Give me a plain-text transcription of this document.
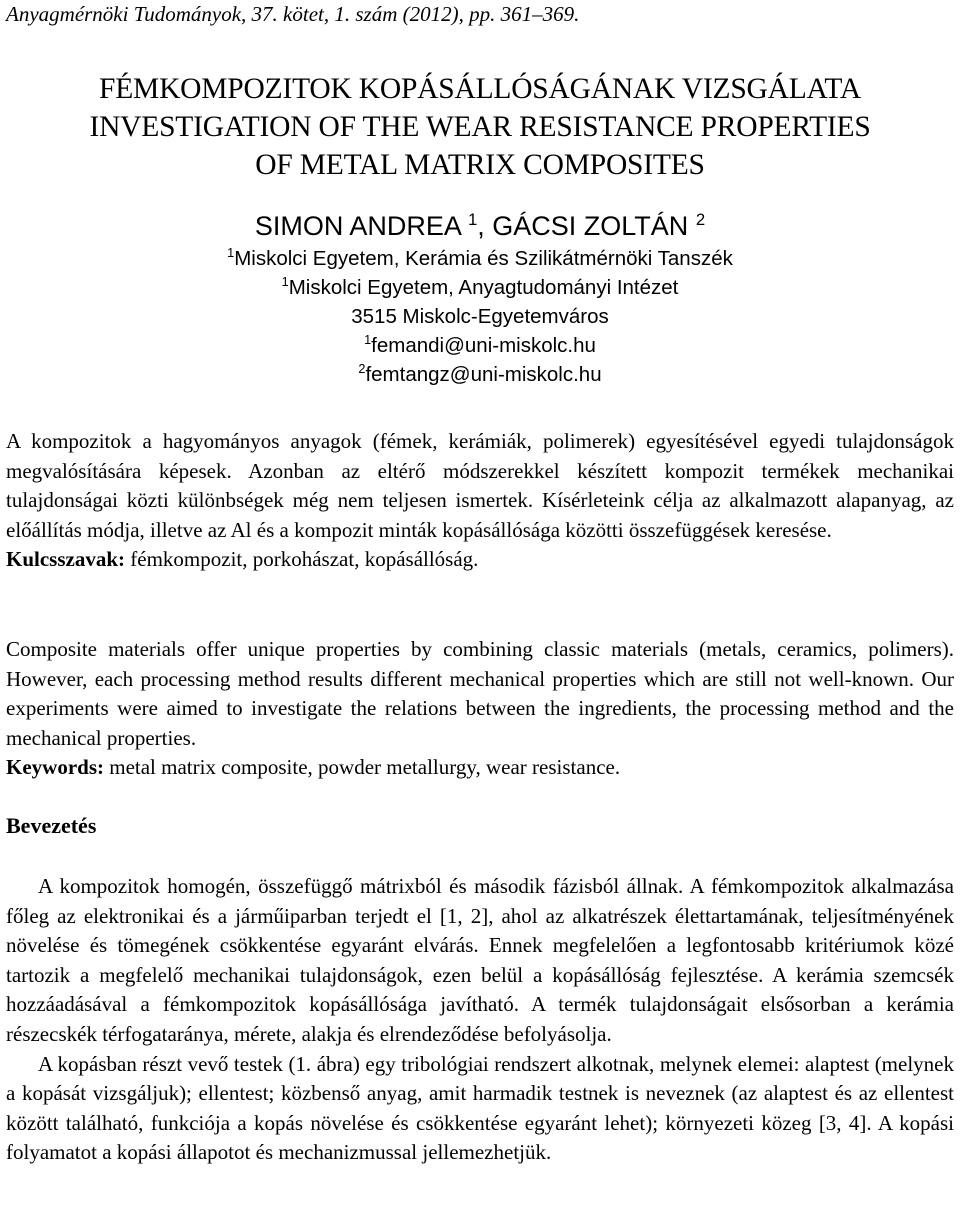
Anyagmérnöki Tudományok, 37. kötet, 1. szám (2012), pp. 361–369.
FÉMKOMPOZITOK KOPÁSÁLLÓSÁGÁNAK VIZSGÁLATA
INVESTIGATION OF THE WEAR RESISTANCE PROPERTIES
OF METAL MATRIX COMPOSITES
SIMON ANDREA $^1$, GÁCSI ZOLTÁN $^2$
$^1$Miskolci Egyetem, Kerámia és Szilikátmérnöki Tanszék
$^1$Miskolci Egyetem, Anyagtudományi Intézet
3515 Miskolc-Egyetemváros
$^1$femandi@uni-miskolc.hu
$^2$femtangz@uni-miskolc.hu

A kompozitok a hagyományos anyagok (fémek, kerámiák, polimerek) egyesítésével egyedi tulajdonságok megvalósítására képesek. Azonban az eltérő módszerekkel készített kompozit termékek mechanikai tulajdonságai közti különbségek még nem teljesen ismertek. Kísérleteink célja az alkalmazott alapanyag, az előállítás módja, illetve az Al és a kompozit minták kopásállósága közötti összefüggések keresése.

Kulcsszavak: fémkompozit, porkohászat, kopásállóság.

Composite materials offer unique properties by combining classic materials (metals, ceramics, polimers). However, each processing method results different mechanical properties which are still not well-known. Our experiments were aimed to investigate the relations between the ingredients, the processing method and the mechanical properties.

Keywords: metal matrix composite, powder metallurgy, wear resistance.

Bevezetés

A kompozitok homogén, összefüggő mátrixból és második fázisból állnak. A fémkompozitok alkalmazása főleg az elektronikai és a járműiparban terjedt el [1, 2], ahol az alkatrészek élettartamának, teljesítményének növelése és tömegének csökkentése egyaránt elvárás. Ennek megfelelően a legfontosabb kritériumok közé tartozik a megfelelő mechanikai tulajdonságok, ezen belül a kopásállóság fejlesztése. A kerámia szemcsék hozzáadásával a fémkompozitok kopásállósága javítható. A termék tulajdonságait elsősorban a kerámia részecskék térfogataránya, mérete, alakja és elrendeződése befolyásolja.

A kopásban részt vevő testek (1. ábra) egy tribológiai rendszert alkotnak, melynek elemei: alaptest (melynek a kopását vizsgáljuk); ellentest; közbenső anyag, amit harmadik testnek is neveznek (az alaptest és az ellentest között található, funkciója a kopás növelése és csökkentése egyaránt lehet); környezeti közeg [3, 4]. A kopási folyamatot a kopási állapotot és mechanizmussal jellemezhetjük.
